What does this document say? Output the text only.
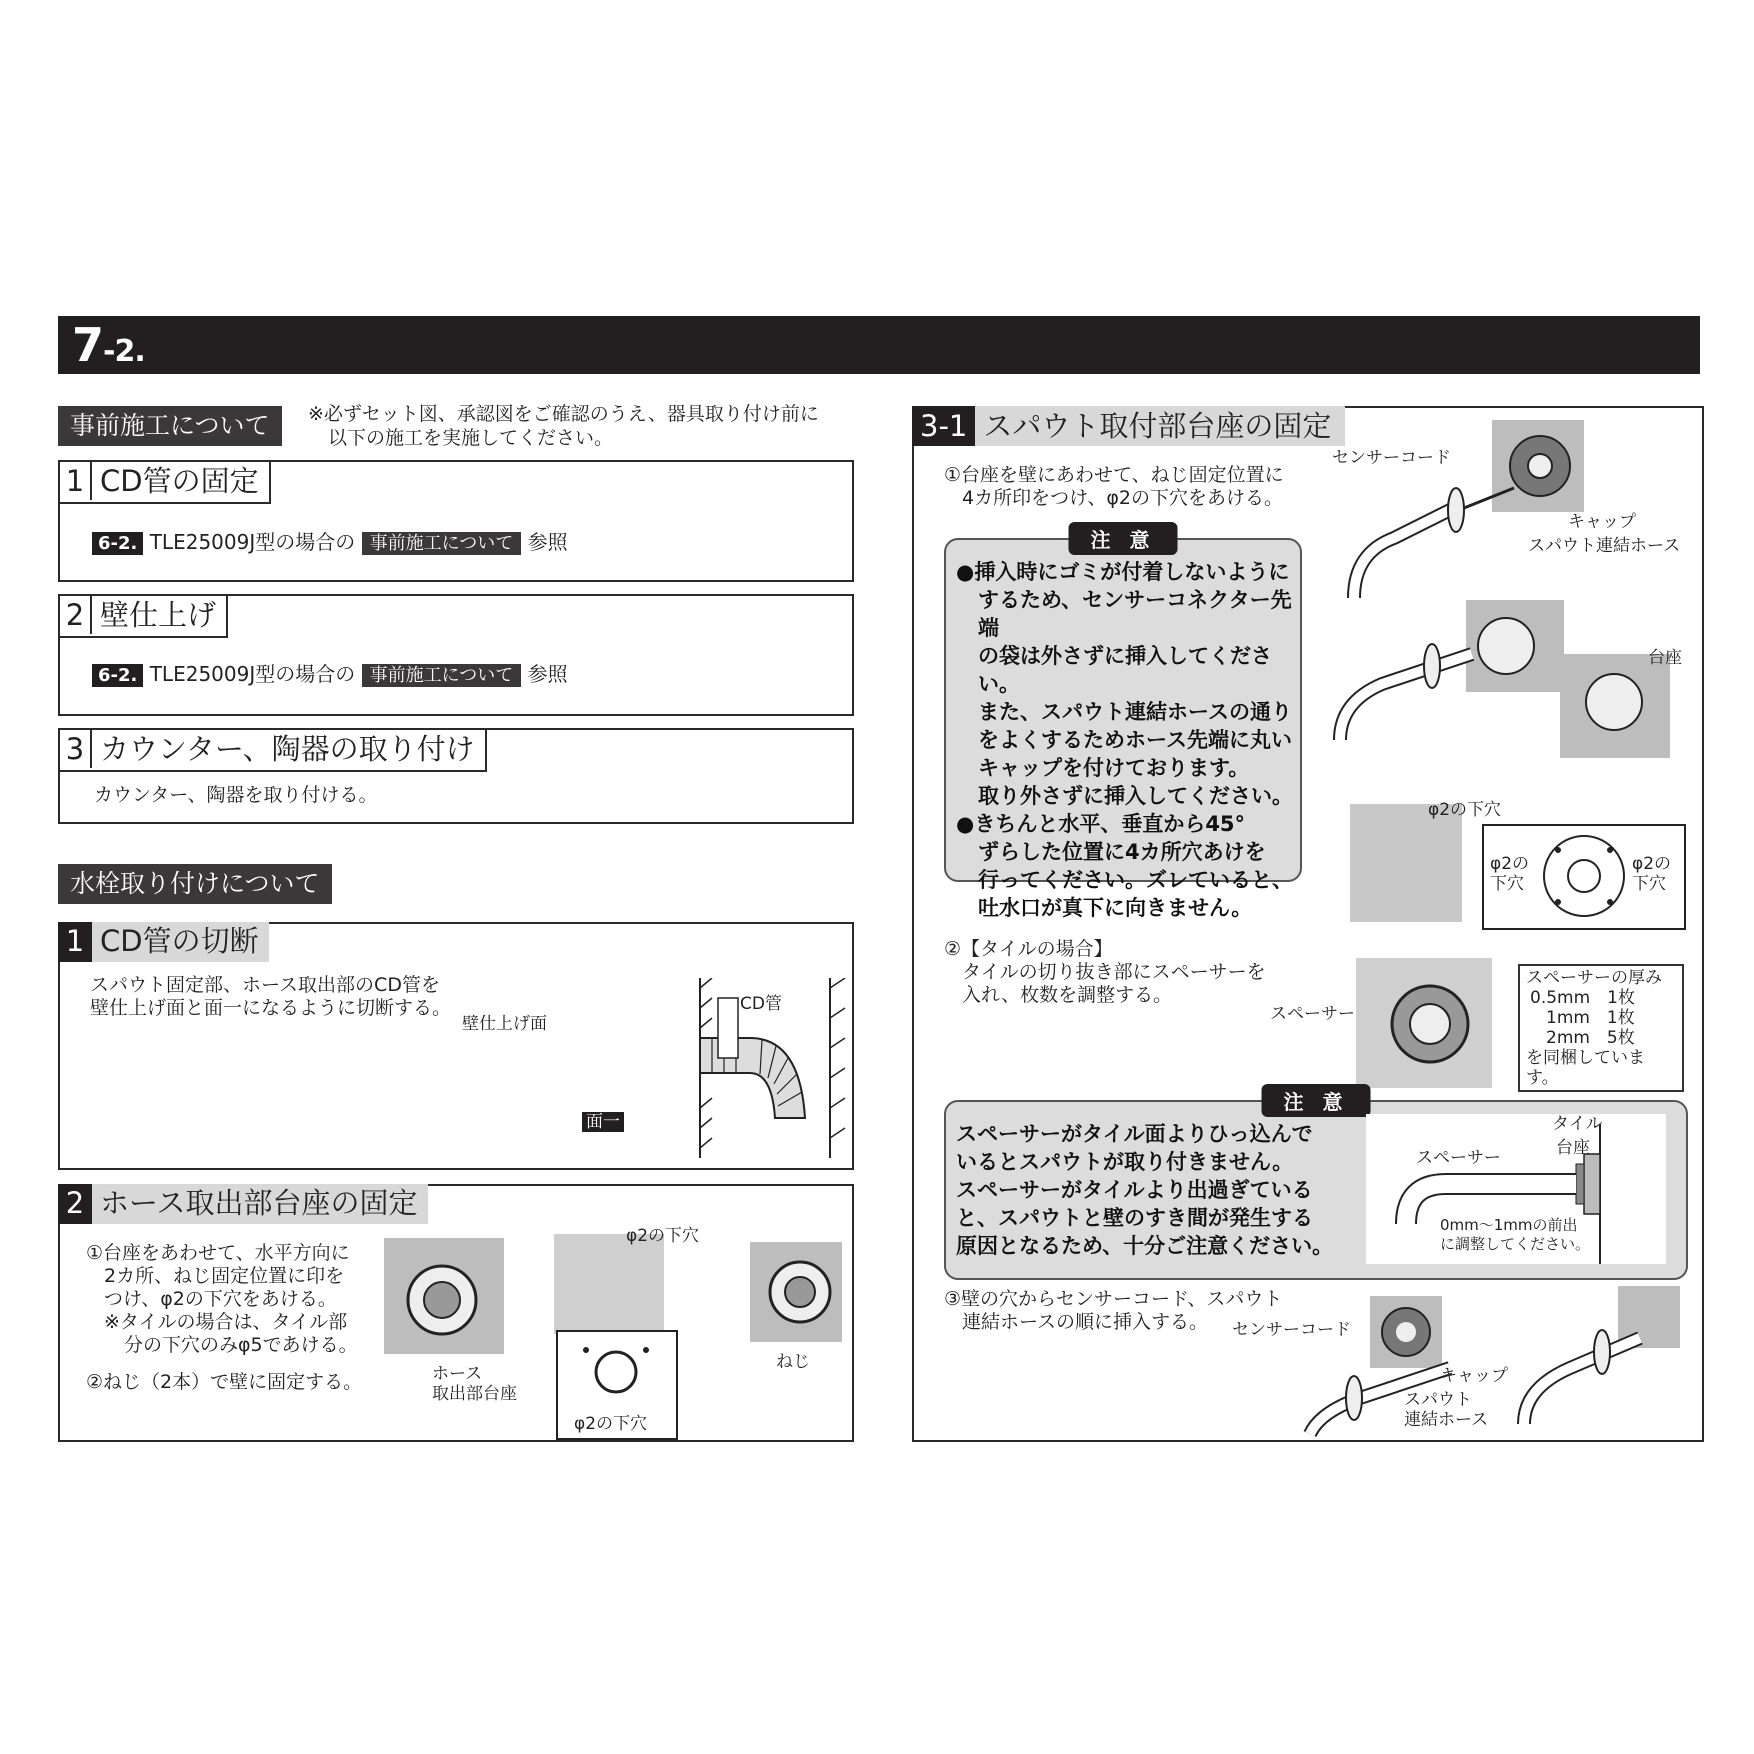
7-2.
事前施工について	※必ずセット図、承認図をご確認のうえ、器具取り付け前に
以下の施工を実施してください。
1 CD管の固定
6-2. TLE25009J型の場合の 事前施工について 参照
2 壁仕上げ
6-2. TLE25009J型の場合の 事前施工について 参照
3 カウンター、陶器の取り付け
カウンター、陶器を取り付ける。
水栓取り付けについて
1 CD管の切断
スパウト固定部、ホース取出部のCD管を
壁仕上げ面と面一になるように切断する。
壁仕上げ面
CD管
面一
2 ホース取出部台座の固定
①台座をあわせて、水平方向に
2カ所、ねじ固定位置に印を
つけ、φ2の下穴をあける。
※タイルの場合は、タイル部
分の下穴のみφ5であける。
②ねじ（2本）で壁に固定する。	ホース
取出部台座
φ2の下穴
φ2の下穴
ねじ
3-1 スパウト取付部台座の固定
①台座を壁にあわせて、ねじ固定位置に
4カ所印をつけ、φ2の下穴をあける。
注 意

●挿入時にゴミが付着しないように

するため、センサーコネクター先端

の袋は外さずに挿入してください。

また、スパウト連結ホースの通り

をよくするためホース先端に丸い

キャップを付けております。

取り外さずに挿入してください。

●きちんと水平、垂直から45°

ずらした位置に4カ所穴あけを

行ってください。ズレていると、

吐水口が真下に向きません。

センサーコード
キャップ
スパウト連結ホース
台座
φ2の下穴
φ2の
下穴
φ2の
下穴
②【タイルの場合】
タイルの切り抜き部にスペーサーを
入れ、枚数を調整する。
スペーサー
スペーサーの厚み
0.5mm　1枚
1mm　1枚
2mm　5枚
を同梱しています。
注 意

スペーサーがタイル面よりひっ込んで

いるとスパウトが取り付きません。

スペーサーがタイルより出過ぎている

と、スパウトと壁のすき間が発生する

原因となるため、十分ご注意ください。

タイル
台座
スペーサー
0mm～1mmの前出
に調整してください。
③壁の穴からセンサーコード、スパウト
連結ホースの順に挿入する。	センサーコード
キャップ
スパウト
連結ホース
